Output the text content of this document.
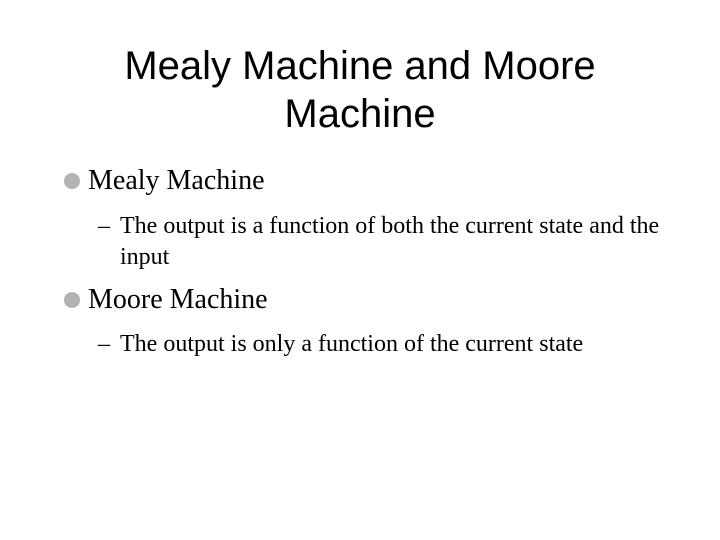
Mealy Machine and Moore Machine
Mealy Machine
– The output is a function of both the current state and the input
Moore Machine
– The output is only a function of the current state
